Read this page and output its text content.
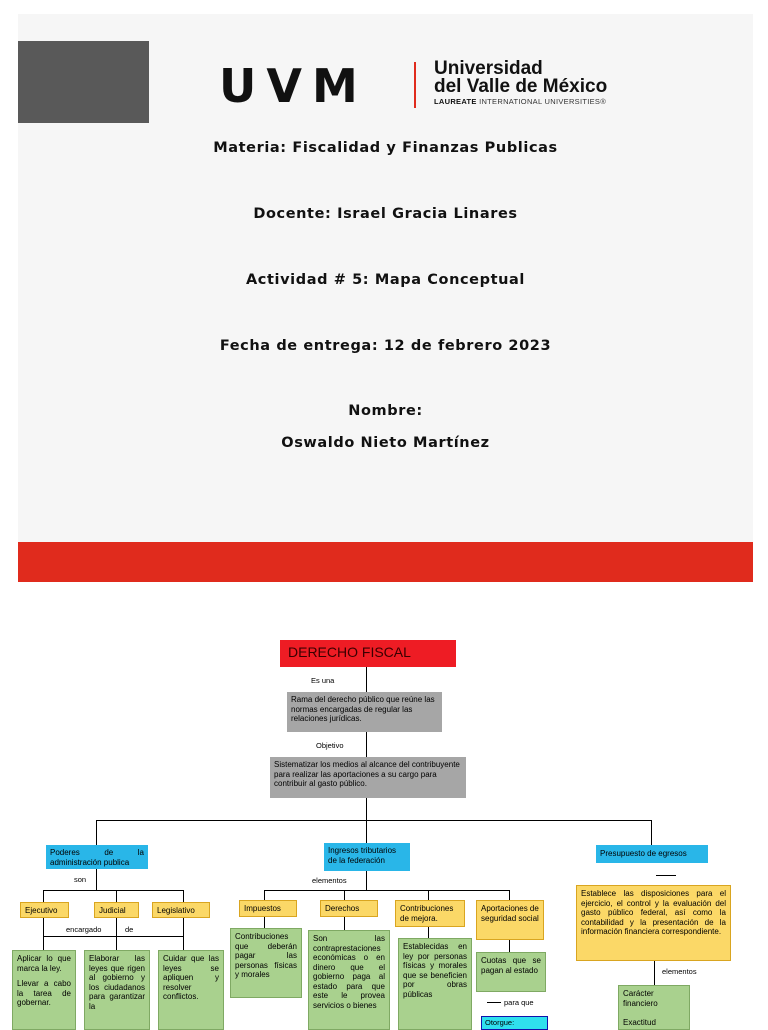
UVM	Universidad
del Valle de México
LAUREATE INTERNATIONAL UNIVERSITIES®
Materia: Fiscalidad y Finanzas Publicas
Docente: Israel Gracia Linares
Actividad # 5: Mapa Conceptual
Fecha de entrega: 12 de febrero 2023
Nombre:
Oswaldo Nieto Martínez
DERECHO FISCAL
Es una
Rama del derecho público que reúne las normas encargadas de regular las relaciones jurídicas.
Objetivo
Sistematizar los medios al alcance del contribuyente para realizar las aportaciones a su cargo para contribuir al gasto público.
Poderes de la administración publica
son
Ejecutivo	Judicial	Legislativo
encargado	de
Aplicar lo que marca la ley.
Llevar a cabo la tarea de gobernar.
Elaborar las leyes que rigen al gobierno y los ciudadanos para garantizar la
Cuidar que las leyes se apliquen y resolver conflictos.
Ingresos tributarios de la federación
elementos
Impuestos	Derechos	Contribuciones de mejora.
Aportaciones de seguridad social
Contribuciones que deberán pagar las personas físicas y morales
Son las contraprestaciones económicas o en dinero que el gobierno paga al estado para que este le provea servicios o bienes
Establecidas en ley por personas físicas y morales que se beneficien por obras públicas
Cuotas que se pagan al estado
para que
Otorgue:
Presupuesto de egresos
Establece las disposiciones para el ejercicio, el control y la evaluación del gasto público federal, así como la contabilidad y la presentación de la información financiera correspondiente.
elementos
Carácter financiero
Exactitud
